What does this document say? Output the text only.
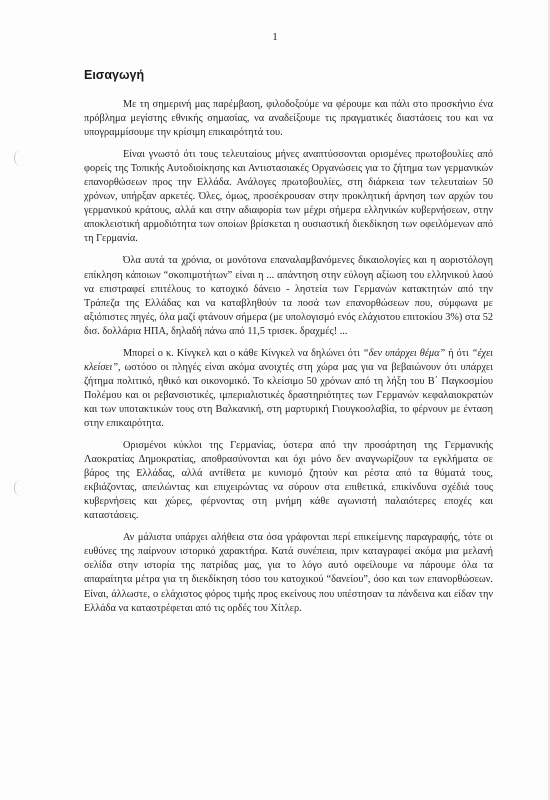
1
Εισαγωγή

Με τη σημερινή μας παρέμβαση, φιλοδοξούμε να φέρουμε και πάλι στο προσκήνιο ένα πρόβλημα μεγίστης εθνικής σημασίας, να αναδείξουμε τις πραγματικές διαστάσεις του και να υπογραμμίσουμε την κρίσιμη επικαιρότητά του.

Είναι γνωστό ότι τους τελευταίους μήνες αναπτύσσονται ορισμένες πρωτοβουλίες από φορείς της Τοπικής Αυτοδιοίκησης και Αντιστασιακές Οργανώσεις για το ζήτημα των γερμανικών επανορθώσεων προς την Ελλάδα. Ανάλογες πρωτοβουλίες, στη διάρκεια των τελευταίων 50 χρόνων, υπήρξαν αρκετές. Όλες, όμως, προσέκρουσαν στην προκλητική άρνηση των αρχών του γερμανικού κράτους, αλλά και στην αδιαφορία των μέχρι σήμερα ελληνικών κυβερνήσεων, στην αποκλειστική αρμοδιότητα των οποίων βρίσκεται η ουσιαστική διεκδίκηση των οφειλόμενων από τη Γερμανία.

Όλα αυτά τα χρόνια, οι μονότονα επαναλαμβανόμενες δικαιολογίες και η αοριστόλογη επίκληση κάποιων “σκοπιμοτήτων” είναι η ... απάντηση στην εύλογη αξίωση του ελληνικού λαού να επιστραφεί επιτέλους το κατοχικό δάνειο - ληστεία των Γερμανών κατακτητών από την Τράπεζα της Ελλάδας και να καταβληθούν τα ποσά των επανορθώσεων που, σύμφωνα με αξιόπιστες πηγές, όλα μαζί φτάνουν σήμερα (με υπολογισμό ενός ελάχιστου επιτοκίου 3%) στα 52 δισ. δολλάρια ΗΠΑ, δηλαδή πάνω από 11,5 τρισεκ. δραχμές! ...

Μπορεί ο κ. Κίνγκελ και ο κάθε Κίνγκελ να δηλώνει ότι “δεν υπάρχει θέμα” ή ότι “έχει κλείσει”, ωστόσο οι πληγές είναι ακόμα ανοιχτές στη χώρα μας για να βεβαιώνουν ότι υπάρχει ζήτημα πολιτικό, ηθικό και οικονομικό. Το κλείσιμο 50 χρόνων από τη λήξη του Β΄ Παγκοσμίου Πολέμου και οι ρεβανσιστικές, ιμπεριαλιστικές δραστηριότητες των Γερμανών κεφαλαιοκρατών και των υποτακτικών τους στη Βαλκανική, στη μαρτυρική Γιουγκοσλαβία, το φέρνουν με ένταση στην επικαιρότητα.

Ορισμένοι κύκλοι της Γερμανίας, ύστερα από την προσάρτηση της Γερμανικής Λαοκρατίας Δημοκρατίας, αποθρασύνονται και όχι μόνο δεν αναγνωρίζουν τα εγκλήματα σε βάρος της Ελλάδας, αλλά αντίθετα με κυνισμό ζητούν και ρέστα από τα θύματά τους, εκβιάζοντας, απειλώντας και επιχειρώντας να σύρουν στα επιθετικά, επικίνδυνα σχέδιά τους κυβερνήσεις και χώρες, φέρνοντας στη μνήμη κάθε αγωνιστή παλαιότερες εποχές και καταστάσεις.

Αν μάλιστα υπάρχει αλήθεια στα όσα γράφονται περί επικείμενης παραγραφής, τότε οι ευθύνες της παίρνουν ιστορικό χαρακτήρα. Κατά συνέπεια, πριν καταγραφεί ακόμα μια μελανή σελίδα στην ιστορία της πατρίδας μας, για το λόγο αυτό οφείλουμε να πάρουμε όλα τα απαραίτητα μέτρα για τη διεκδίκηση τόσο του κατοχικού “δανείου”, όσο και των επανορθώσεων. Είναι, άλλωστε, ο ελάχιστος φόρος τιμής προς εκείνους που υπέστησαν τα πάνδεινα και είδαν την Ελλάδα να καταστρέφεται από τις ορδές του Χίτλερ.
